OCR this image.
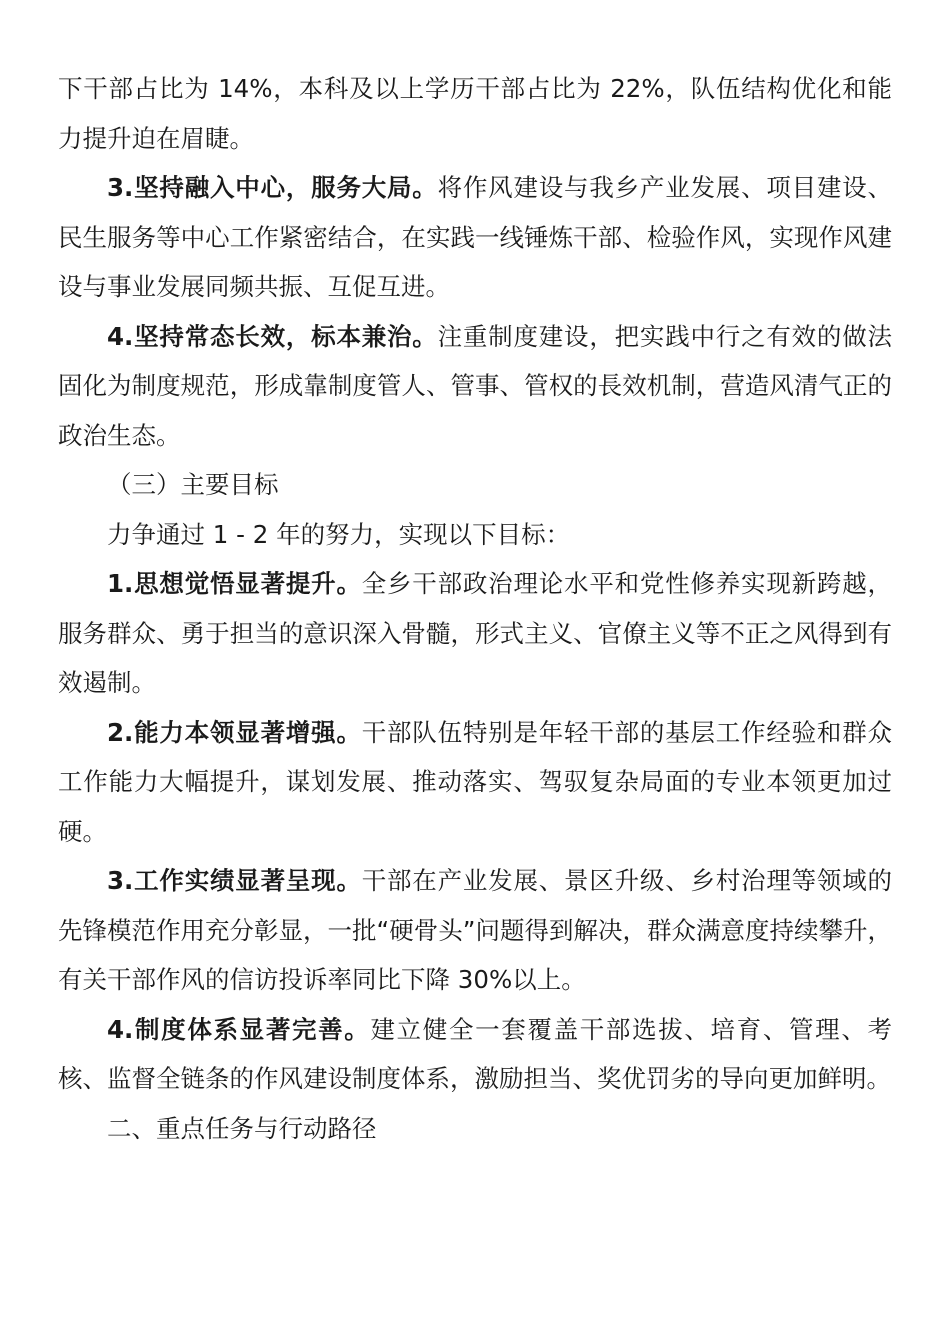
下干部占比为 14%，本科及以上学历干部占比为 22%，队伍结构优化和能力提升迫在眉睫。

3.坚持融入中心，服务大局。将作风建设与我乡产业发展、项目建设、民生服务等中心工作紧密结合，在实践一线锤炼干部、检验作风，实现作风建设与事业发展同频共振、互促互进。

4.坚持常态长效，标本兼治。注重制度建设，把实践中行之有效的做法固化为制度规范，形成靠制度管人、管事、管权的長效机制，营造风清气正的政治生态。

（三）主要目标

力争通过 1 - 2 年的努力，实现以下目标：

1.思想觉悟显著提升。全乡干部政治理论水平和党性修养实现新跨越，服务群众、勇于担当的意识深入骨髓，形式主义、官僚主义等不正之风得到有效遏制。

2.能力本领显著增强。干部队伍特别是年轻干部的基层工作经验和群众工作能力大幅提升，谋划发展、推动落实、驾驭复杂局面的专业本领更加过硬。

3.工作实绩显著呈现。干部在产业发展、景区升级、乡村治理等领域的先锋模范作用充分彰显，一批“硬骨头”问题得到解决，群众满意度持续攀升，有关干部作风的信访投诉率同比下降 30%以上。

4.制度体系显著完善。建立健全一套覆盖干部选拔、培育、管理、考核、监督全链条的作风建设制度体系，激励担当、奖优罚劣的导向更加鲜明。

二、重点任务与行动路径
